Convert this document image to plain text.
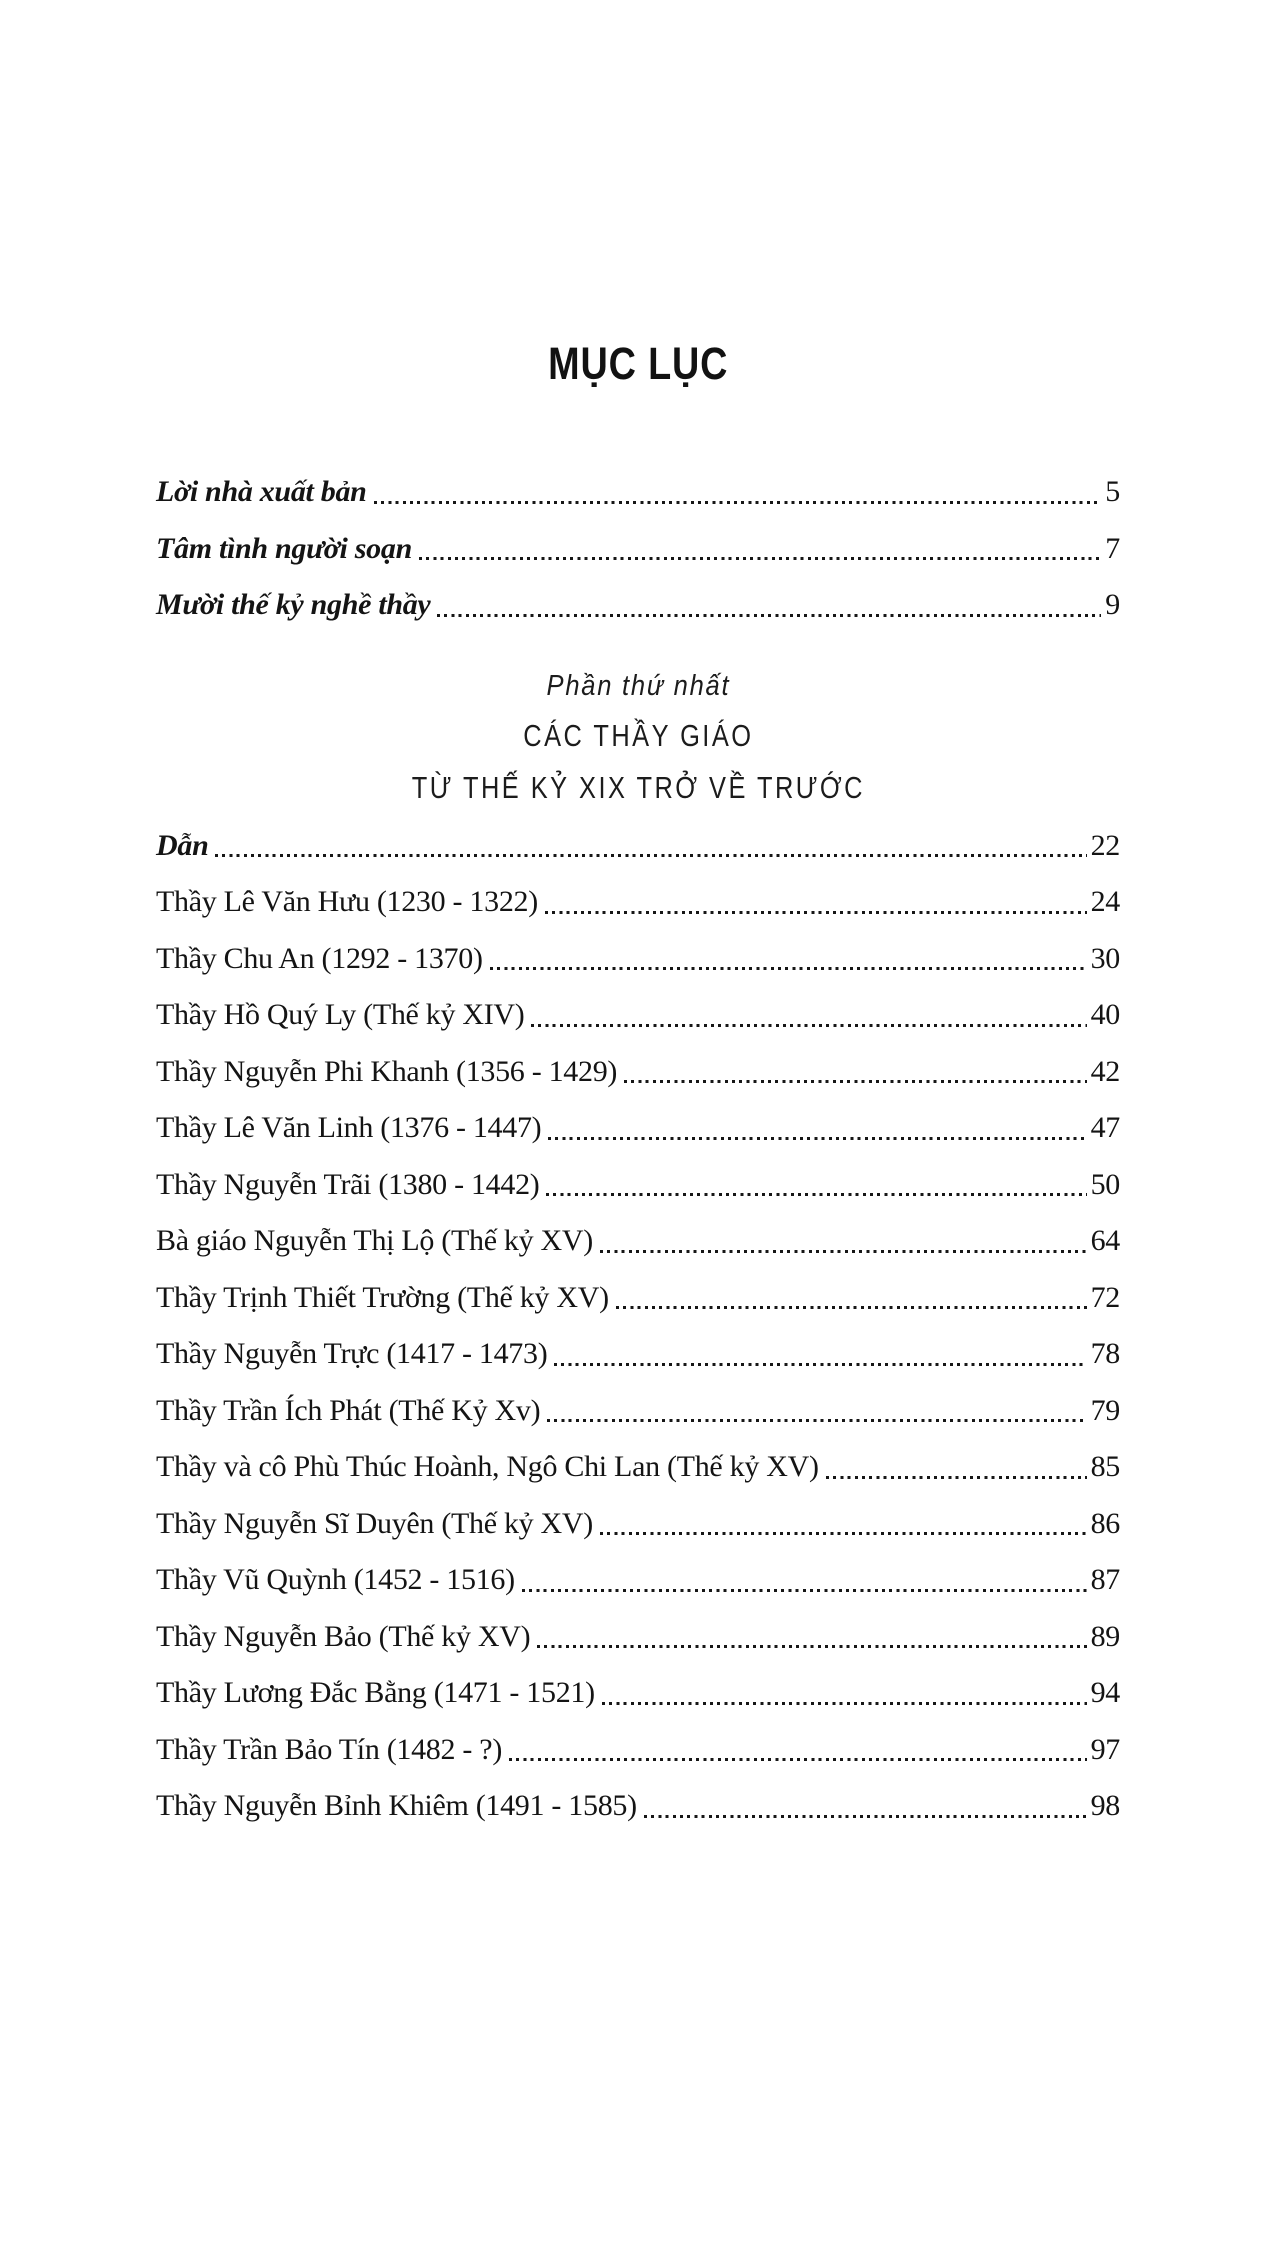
MỤC LỤC
Lời nhà xuất bản	5
Tâm tình người soạn	7
Mười thế kỷ nghề thầy	9
Phần thứ nhất
CÁC THẦY GIÁO
TỪ THẾ KỶ XIX TRỞ VỀ TRƯỚC
Dẫn	22
Thầy Lê Văn Hưu (1230 - 1322)	24
Thầy Chu An (1292 - 1370)	30
Thầy Hồ Quý Ly (Thế kỷ XIV)	40
Thầy Nguyễn Phi Khanh (1356 - 1429)	42
Thầy Lê Văn Linh (1376 - 1447)	47
Thầy Nguyễn Trãi (1380 - 1442)	50
Bà giáo Nguyễn Thị Lộ (Thế kỷ XV)	64
Thầy Trịnh Thiết Trường (Thế kỷ XV)	72
Thầy Nguyễn Trực (1417 - 1473)	78
Thầy Trần Ích Phát (Thế Kỷ Xv)	79
Thầy và cô Phù Thúc Hoành, Ngô Chi Lan (Thế kỷ XV)	85
Thầy Nguyễn Sĩ Duyên (Thế kỷ XV)	86
Thầy Vũ Quỳnh (1452 - 1516)	87
Thầy Nguyễn Bảo (Thế kỷ XV)	89
Thầy Lương Đắc Bằng (1471 - 1521)	94
Thầy Trần Bảo Tín (1482 - ?)	97
Thầy Nguyễn Bỉnh Khiêm (1491 - 1585)	98
